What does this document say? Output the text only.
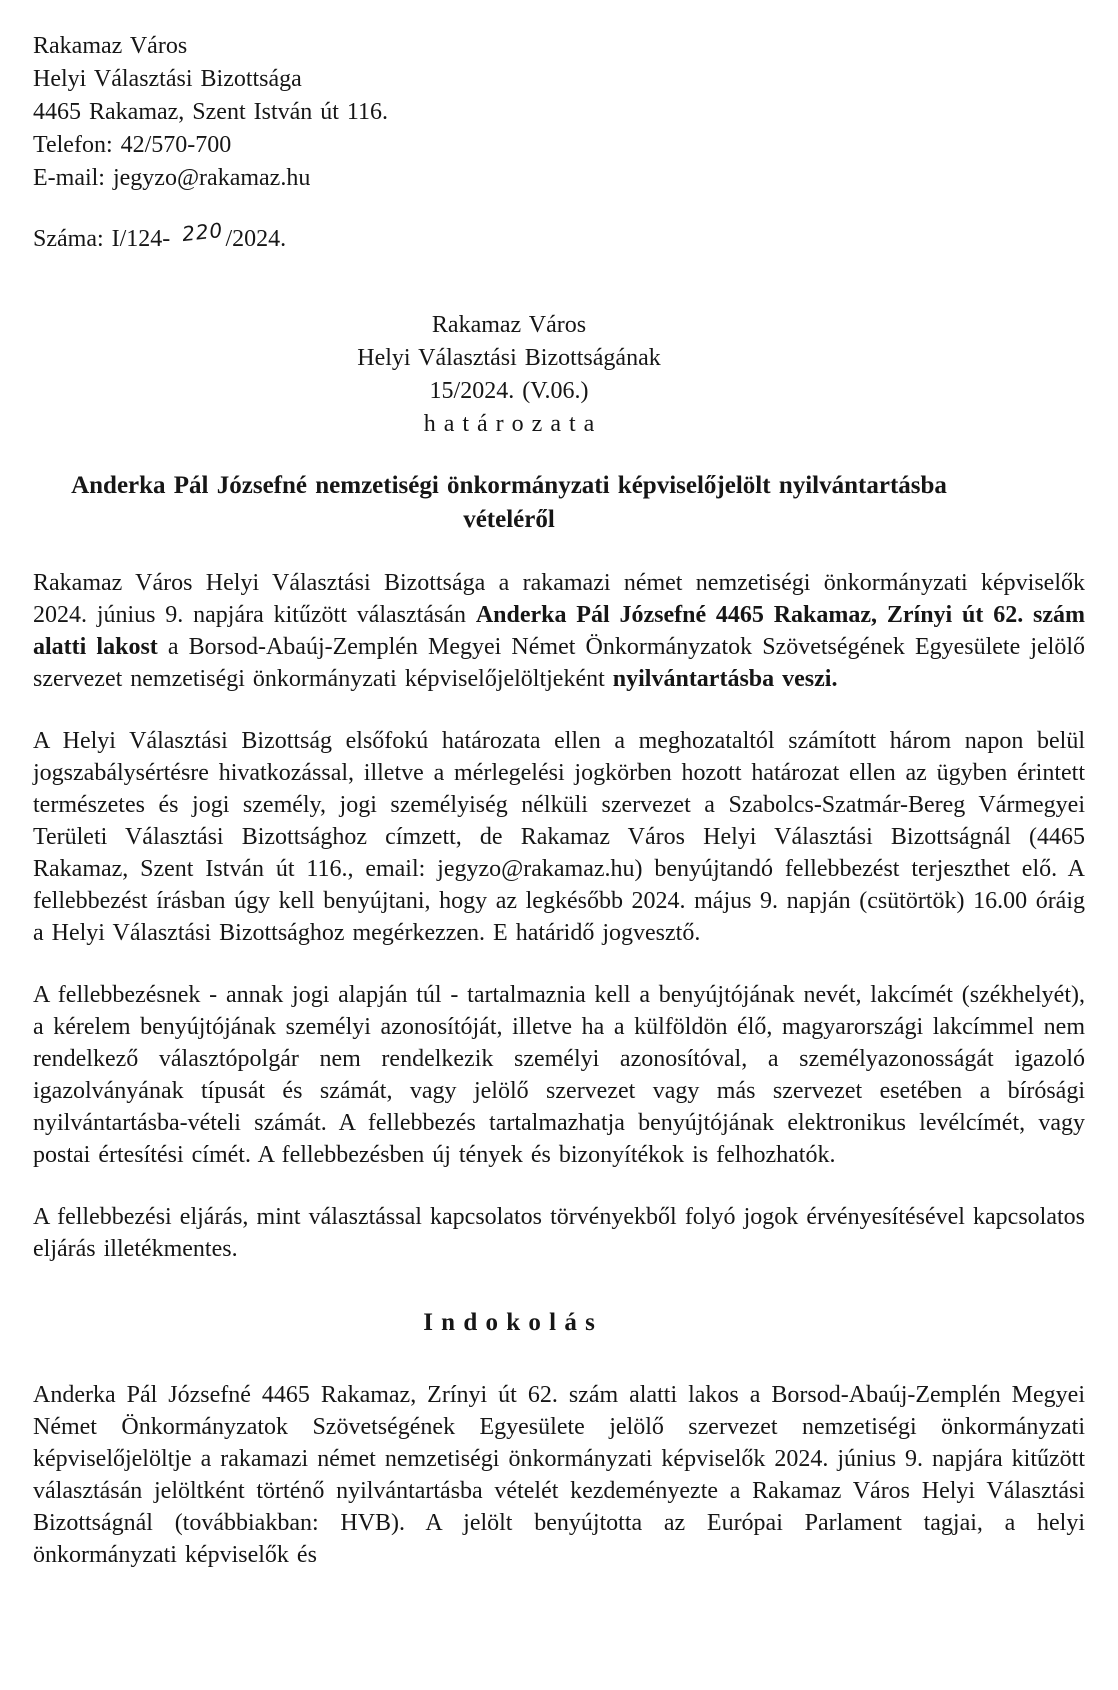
Rakamaz Város
Helyi Választási Bizottsága
4465 Rakamaz, Szent István út 116.
Telefon: 42/570-700
E-mail: jegyzo@rakamaz.hu
Száma: I/124- 220/2024.
Rakamaz Város
Helyi Választási Bizottságának
15/2024. (V.06.)
h a t á r o z a t a
Anderka Pál Józsefné nemzetiségi önkormányzati képviselőjelölt nyilvántartásba vételéről

Rakamaz Város Helyi Választási Bizottsága a rakamazi német nemzetiségi önkormányzati képviselők 2024. június 9. napjára kitűzött választásán Anderka Pál Józsefné 4465 Rakamaz, Zrínyi út 62. szám alatti lakost a Borsod-Abaúj-Zemplén Megyei Német Önkormányzatok Szövetségének Egyesülete jelölő szervezet nemzetiségi önkormányzati képviselőjelöltjeként nyilvántartásba veszi.

A Helyi Választási Bizottság elsőfokú határozata ellen a meghozataltól számított három napon belül jogszabálysértésre hivatkozással, illetve a mérlegelési jogkörben hozott határozat ellen az ügyben érintett természetes és jogi személy, jogi személyiség nélküli szervezet a Szabolcs-Szatmár-Bereg Vármegyei Területi Választási Bizottsághoz címzett, de Rakamaz Város Helyi Választási Bizottságnál (4465 Rakamaz, Szent István út 116., email: jegyzo@rakamaz.hu) benyújtandó fellebbezést terjeszthet elő. A fellebbezést írásban úgy kell benyújtani, hogy az legkésőbb 2024. május 9. napján (csütörtök) 16.00 óráig a Helyi Választási Bizottsághoz megérkezzen. E határidő jogvesztő.

A fellebbezésnek - annak jogi alapján túl - tartalmaznia kell a benyújtójának nevét, lakcímét (székhelyét), a kérelem benyújtójának személyi azonosítóját, illetve ha a külföldön élő, magyarországi lakcímmel nem rendelkező választópolgár nem rendelkezik személyi azonosítóval, a személyazonosságát igazoló igazolványának típusát és számát, vagy jelölő szervezet vagy más szervezet esetében a bírósági nyilvántartásba-vételi számát. A fellebbezés tartalmazhatja benyújtójának elektronikus levélcímét, vagy postai értesítési címét. A fellebbezésben új tények és bizonyítékok is felhozhatók.

A fellebbezési eljárás, mint választással kapcsolatos törvényekből folyó jogok érvényesítésével kapcsolatos eljárás illetékmentes.

I n d o k o l á s

Anderka Pál Józsefné 4465 Rakamaz, Zrínyi út 62. szám alatti lakos a Borsod-Abaúj-Zemplén Megyei Német Önkormányzatok Szövetségének Egyesülete jelölő szervezet nemzetiségi önkormányzati képviselőjelöltje a rakamazi német nemzetiségi önkormányzati képviselők 2024. június 9. napjára kitűzött választásán jelöltként történő nyilvántartásba vételét kezdeményezte a Rakamaz Város Helyi Választási Bizottságnál (továbbiakban: HVB). A jelölt benyújtotta az Európai Parlament tagjai, a helyi önkormányzati képviselők és
